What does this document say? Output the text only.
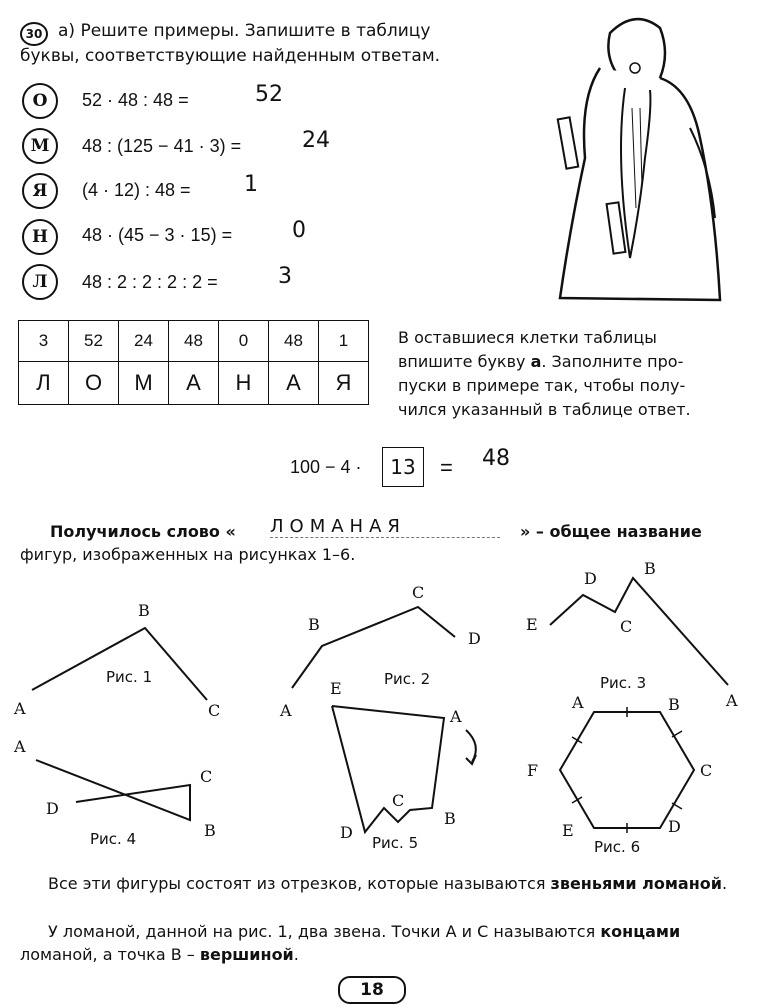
30 а) Решите примеры. Запишите в таблицу
буквы, соответствующие найденным ответам.
О	52 · 48 : 48 =	52
М	48 : (125 − 41 · 3) =	24
Я	(4 · 12) : 48 = 1
Н	48 · (45 − 3 · 15) =	0
Л	48 : 2 : 2 : 2 : 2 =	3
3	52	24	48	0	48	1
Л	О	М	А	Н	А	Я
В оставшиеся клетки таблицы
впишите букву а. Заполните про-
пуски в примере так, чтобы полу-
чился указанный в таблице ответ.
100 − 4 ·	13	= 48
Получилось слово « ЛОМАНАЯ	» – общее название
фигур, изображенных на рисунках 1–6.
B
A	C
Рис. 1
B
C
D
A
Рис. 2
D
B
E	C
A
Рис. 3
A
C
D
B
Рис. 4
E
A
B
C
D
Рис. 5
A	B
C
D
E
F
Рис. 6
Все эти фигуры состоят из отрезков, которые называются звеньями ломаной.
У ломаной, данной на рис. 1, два звена. Точки A и C называются концами ломаной, а точка B – вершиной.
18
